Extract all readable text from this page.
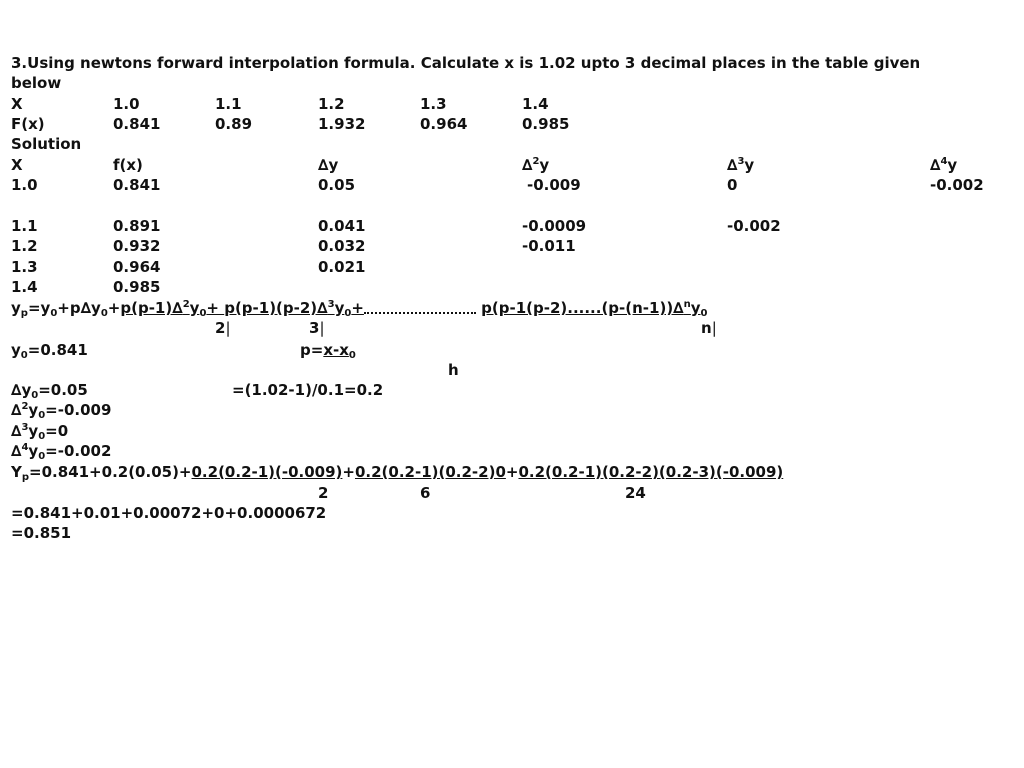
3.Using newtons forward interpolation formula. Calculate x is 1.02 upto 3 decimal places in the table given
below
X	1.0	1.1	1.2	1.3	1.4
F(x)	0.841	0.89	1.932	0.964	0.985
Solution
X	f(x)	∆y	∆$^2$y	∆$^3$y	∆$^4$y
1.0	0.841	0.05	-0.009	0	-0.002
1.1	0.891	0.041	-0.0009	-0.002
1.2	0.932	0.032	-0.011
1.3	0.964	0.021
1.4	0.985
$y_p=y_0+p\Delta y_0+p(p-1)\Delta^2y_0+ p(p-1)(p-2)\Delta^3y_0+$	$p(p-1(p-2)......(p-(n-1))\Delta^ny_0$
2|	3|	n|
$y_0=0.841$	$p=x-x_0$
h
$\Delta y_0=0.05$	=(1.02-1)/0.1=0.2
$\Delta^2y_0=-0.009$
$\Delta^3y_0=0$
$\Delta^4y_0=-0.002$
$Y_p=0.841+0.2(0.05)+0.2(0.2-1)(-0.009)+0.2(0.2-1)(0.2-2)0+0.2(0.2-1)(0.2-2)(0.2-3)(-0.009)$
2	6	24
=0.841+0.01+0.00072+0+0.0000672
=0.851
